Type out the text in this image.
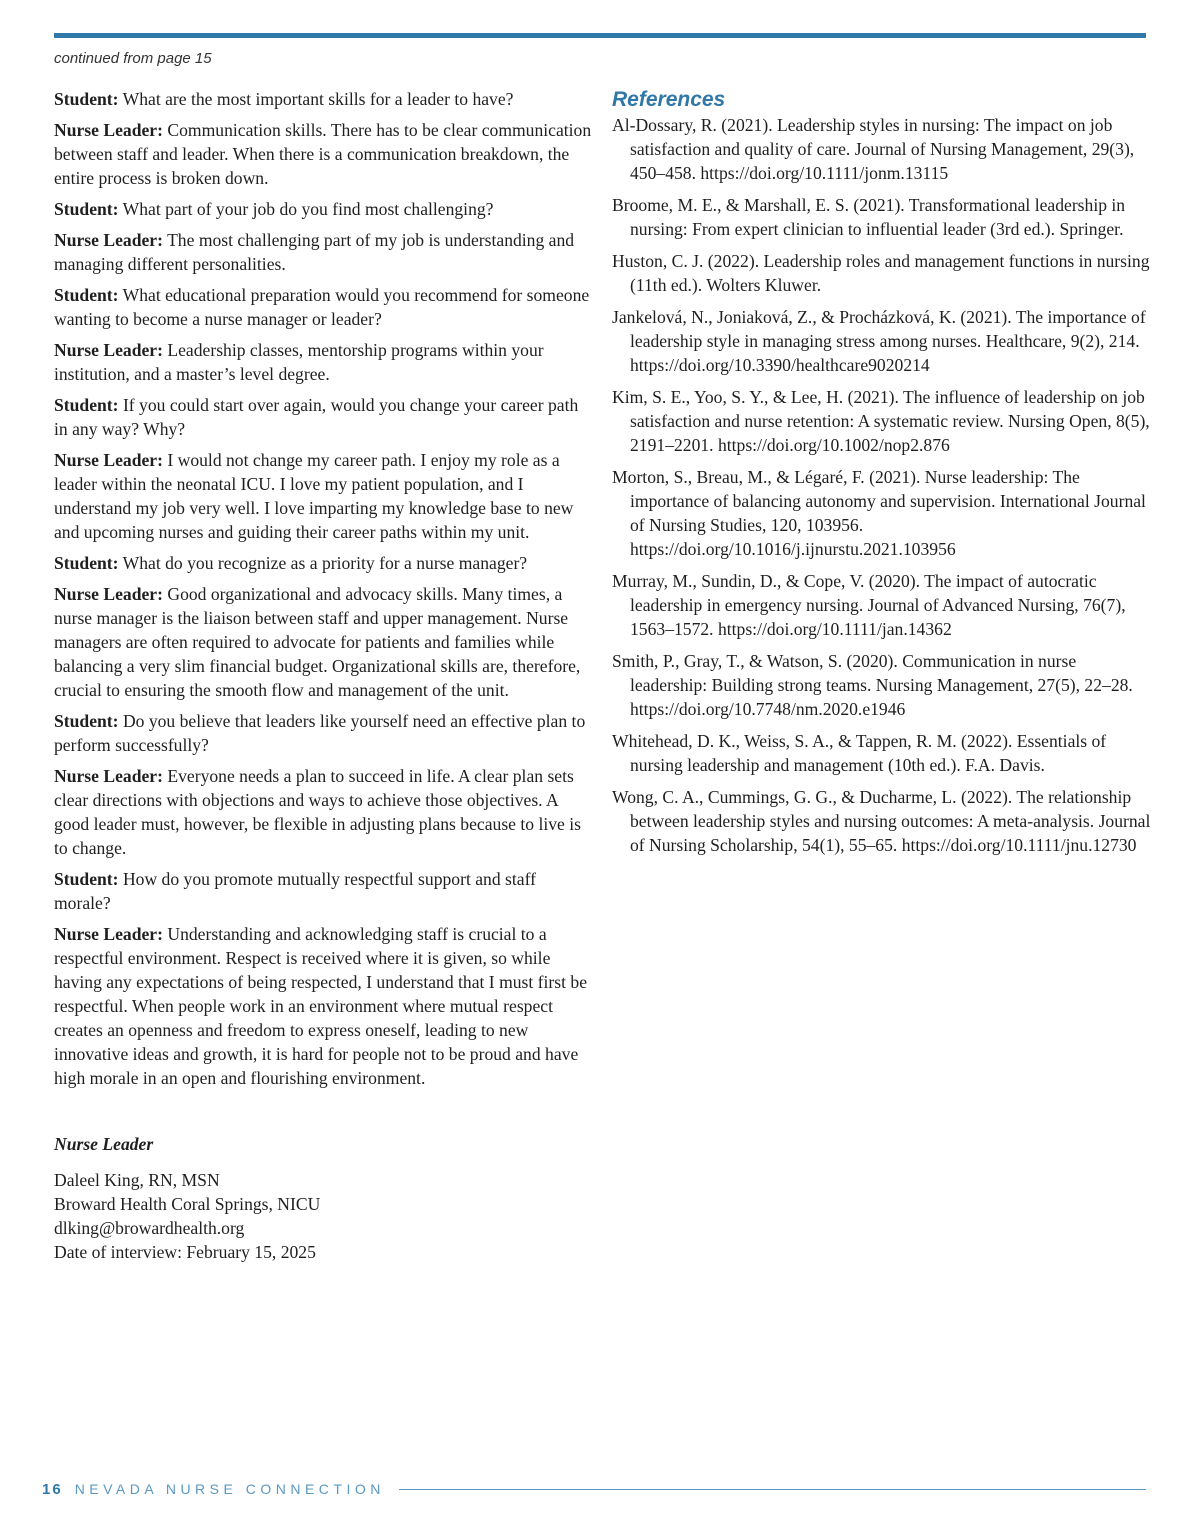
continued from page 15

Student: What are the most important skills for a leader to have?

Nurse Leader: Communication skills. There has to be clear communication between staff and leader. When there is a communication breakdown, the entire process is broken down.

Student: What part of your job do you find most challenging?

Nurse Leader: The most challenging part of my job is understanding and managing different personalities.

Student: What educational preparation would you recommend for someone wanting to become a nurse manager or leader?

Nurse Leader: Leadership classes, mentorship programs within your institution, and a master’s level degree.

Student: If you could start over again, would you change your career path in any way? Why?

Nurse Leader: I would not change my career path. I enjoy my role as a leader within the neonatal ICU. I love my patient population, and I understand my job very well. I love imparting my knowledge base to new and upcoming nurses and guiding their career paths within my unit.

Student: What do you recognize as a priority for a nurse manager?

Nurse Leader: Good organizational and advocacy skills. Many times, a nurse manager is the liaison between staff and upper management. Nurse managers are often required to advocate for patients and families while balancing a very slim financial budget. Organizational skills are, therefore, crucial to ensuring the smooth flow and management of the unit.

Student: Do you believe that leaders like yourself need an effective plan to perform successfully?

Nurse Leader: Everyone needs a plan to succeed in life. A clear plan sets clear directions with objections and ways to achieve those objectives. A good leader must, however, be flexible in adjusting plans because to live is to change.

Student: How do you promote mutually respectful support and staff morale?

Nurse Leader: Understanding and acknowledging staff is crucial to a respectful environment. Respect is received where it is given, so while having any expectations of being respected, I understand that I must first be respectful. When people work in an environment where mutual respect creates an openness and freedom to express oneself, leading to new innovative ideas and growth, it is hard for people not to be proud and have high morale in an open and flourishing environment.

Nurse Leader

Daleel King, RN, MSN

Broward Health Coral Springs, NICU

dlking@browardhealth.org

Date of interview: February 15, 2025

References

Al-Dossary, R. (2021). Leadership styles in nursing: The impact on job satisfaction and quality of care. Journal of Nursing Management, 29(3), 450–458. https://doi.org/10.1111/jonm.13115

Broome, M. E., & Marshall, E. S. (2021). Transformational leadership in nursing: From expert clinician to influential leader (3rd ed.). Springer.

Huston, C. J. (2022). Leadership roles and management functions in nursing (11th ed.). Wolters Kluwer.

Jankelová, N., Joniaková, Z., & Procházková, K. (2021). The importance of leadership style in managing stress among nurses. Healthcare, 9(2), 214. https://doi.org/10.3390/healthcare9020214

Kim, S. E., Yoo, S. Y., & Lee, H. (2021). The influence of leadership on job satisfaction and nurse retention: A systematic review. Nursing Open, 8(5), 2191–2201. https://doi.org/10.1002/nop2.876

Morton, S., Breau, M., & Légaré, F. (2021). Nurse leadership: The importance of balancing autonomy and supervision. International Journal of Nursing Studies, 120, 103956. https://doi.org/10.1016/j.ijnurstu.2021.103956

Murray, M., Sundin, D., & Cope, V. (2020). The impact of autocratic leadership in emergency nursing. Journal of Advanced Nursing, 76(7), 1563–1572. https://doi.org/10.1111/jan.14362

Smith, P., Gray, T., & Watson, S. (2020). Communication in nurse leadership: Building strong teams. Nursing Management, 27(5), 22–28. https://doi.org/10.7748/nm.2020.e1946

Whitehead, D. K., Weiss, S. A., & Tappen, R. M. (2022). Essentials of nursing leadership and management (10th ed.). F.A. Davis.

Wong, C. A., Cummings, G. G., & Ducharme, L. (2022). The relationship between leadership styles and nursing outcomes: A meta-analysis. Journal of Nursing Scholarship, 54(1), 55–65. https://doi.org/10.1111/jnu.12730

16 NEVADA NURSE CONNECTION
